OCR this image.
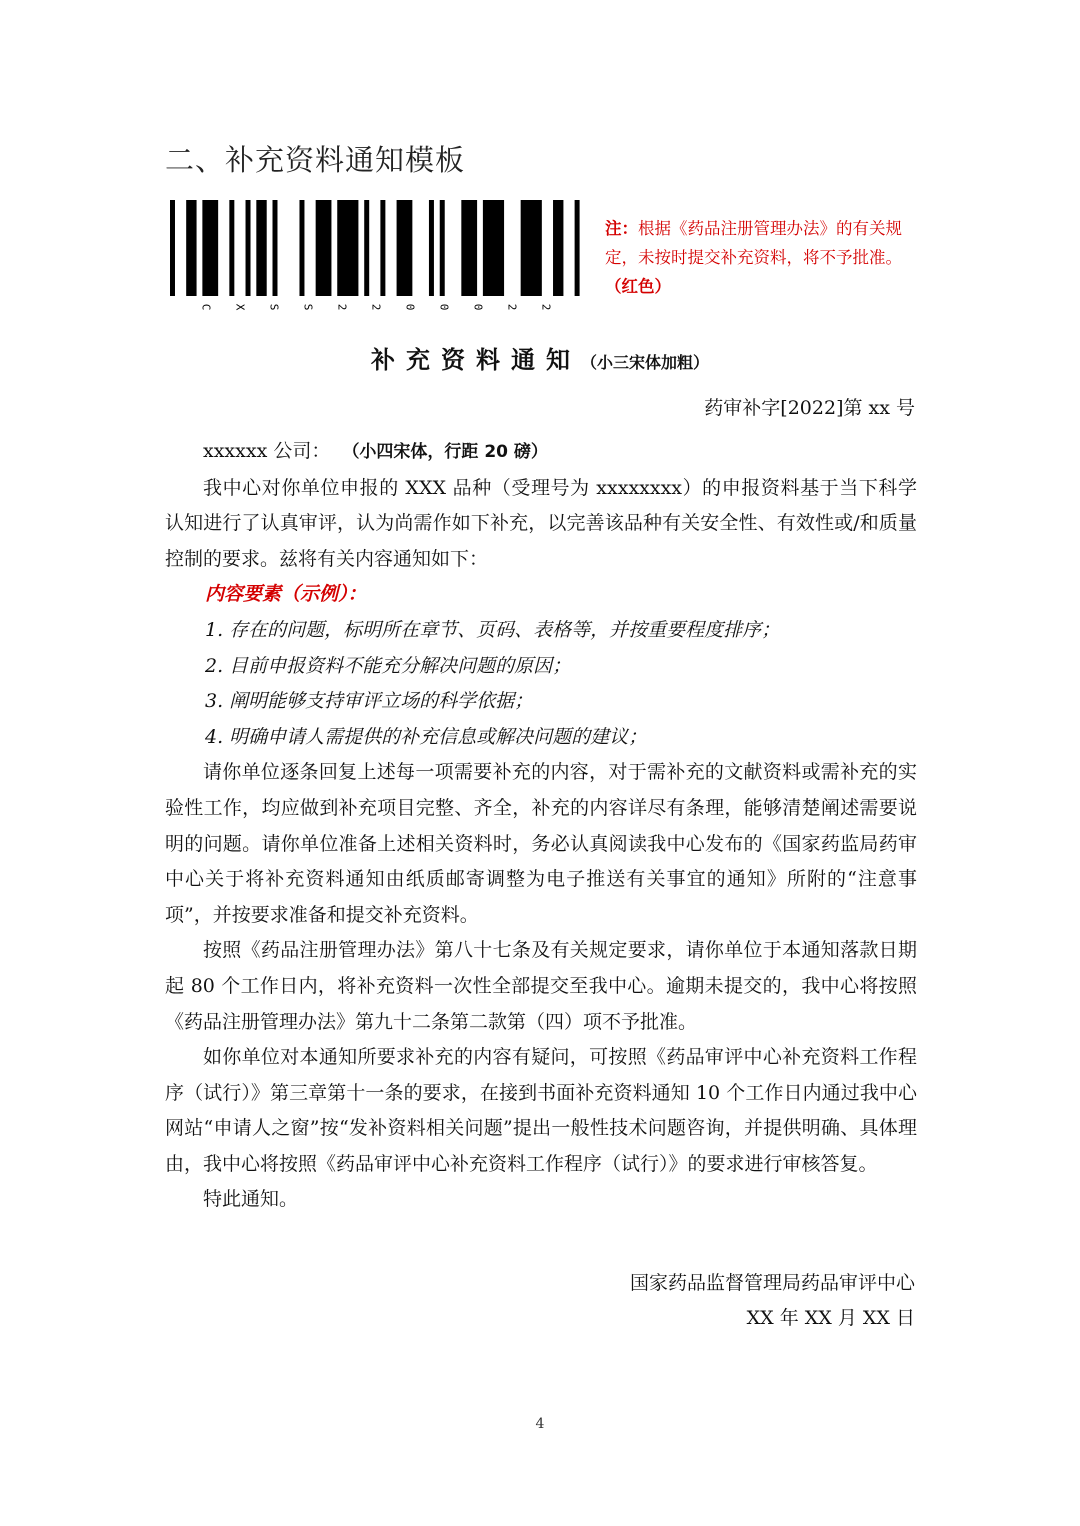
二、补充资料通知模板
C X S S 2 2 0 0 0 2 2
注：根据《药品注册管理办法》的有关规定，未按时提交补充资料，将不予批准。（红色）
补充资料通知（小三宋体加粗）
药审补字[2022]第 xx 号

xxxxxx 公司： （小四宋体，行距 20 磅）

我中心对你单位申报的 XXX 品种（受理号为 xxxxxxxx）的申报资料基于当下科学认知进行了认真审评，认为尚需作如下补充，以完善该品种有关安全性、有效性或/和质量控制的要求。兹将有关内容通知如下：

内容要素（示例）：

1. 存在的问题，标明所在章节、页码、表格等，并按重要程度排序；

2. 目前申报资料不能充分解决问题的原因；

3. 阐明能够支持审评立场的科学依据；

4. 明确申请人需提供的补充信息或解决问题的建议；

请你单位逐条回复上述每一项需要补充的内容，对于需补充的文献资料或需补充的实验性工作，均应做到补充项目完整、齐全，补充的内容详尽有条理，能够清楚阐述需要说明的问题。请你单位准备上述相关资料时，务必认真阅读我中心发布的《国家药监局药审中心关于将补充资料通知由纸质邮寄调整为电子推送有关事宜的通知》所附的“注意事项”，并按要求准备和提交补充资料。

按照《药品注册管理办法》第八十七条及有关规定要求，请你单位于本通知落款日期起 80 个工作日内，将补充资料一次性全部提交至我中心。逾期未提交的，我中心将按照《药品注册管理办法》第九十二条第二款第（四）项不予批准。

如你单位对本通知所要求补充的内容有疑问，可按照《药品审评中心补充资料工作程序（试行）》第三章第十一条的要求，在接到书面补充资料通知 10 个工作日内通过我中心网站“申请人之窗”按“发补资料相关问题”提出一般性技术问题咨询，并提供明确、具体理由，我中心将按照《药品审评中心补充资料工作程序（试行）》的要求进行审核答复。

特此通知。

国家药品监督管理局药品审评中心
XX 年 XX 月 XX 日
4
